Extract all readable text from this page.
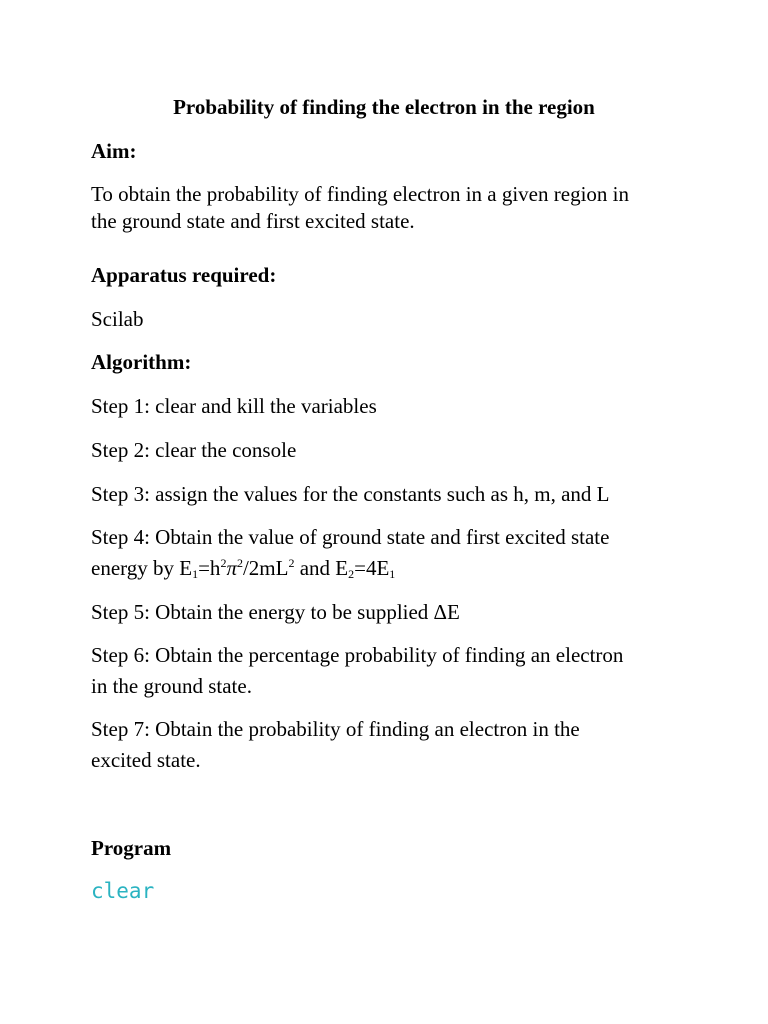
Probability of finding the electron in the region
Aim:
To obtain the probability of finding electron in a given region in
the ground state and first excited state.
Apparatus required:
Scilab
Algorithm:
Step 1: clear and kill the variables
Step 2: clear the console
Step 3: assign the values for the constants such as h, m, and L
Step 4: Obtain the value of ground state and first excited state
energy by $E_1=h^2\pi^2/2mL^2$ and $E_2=4E_1$
Step 5: Obtain the energy to be supplied ΔE
Step 6: Obtain the percentage probability of finding an electron
in the ground state.
Step 7: Obtain the probability of finding an electron in the
excited state.
Program
clear
